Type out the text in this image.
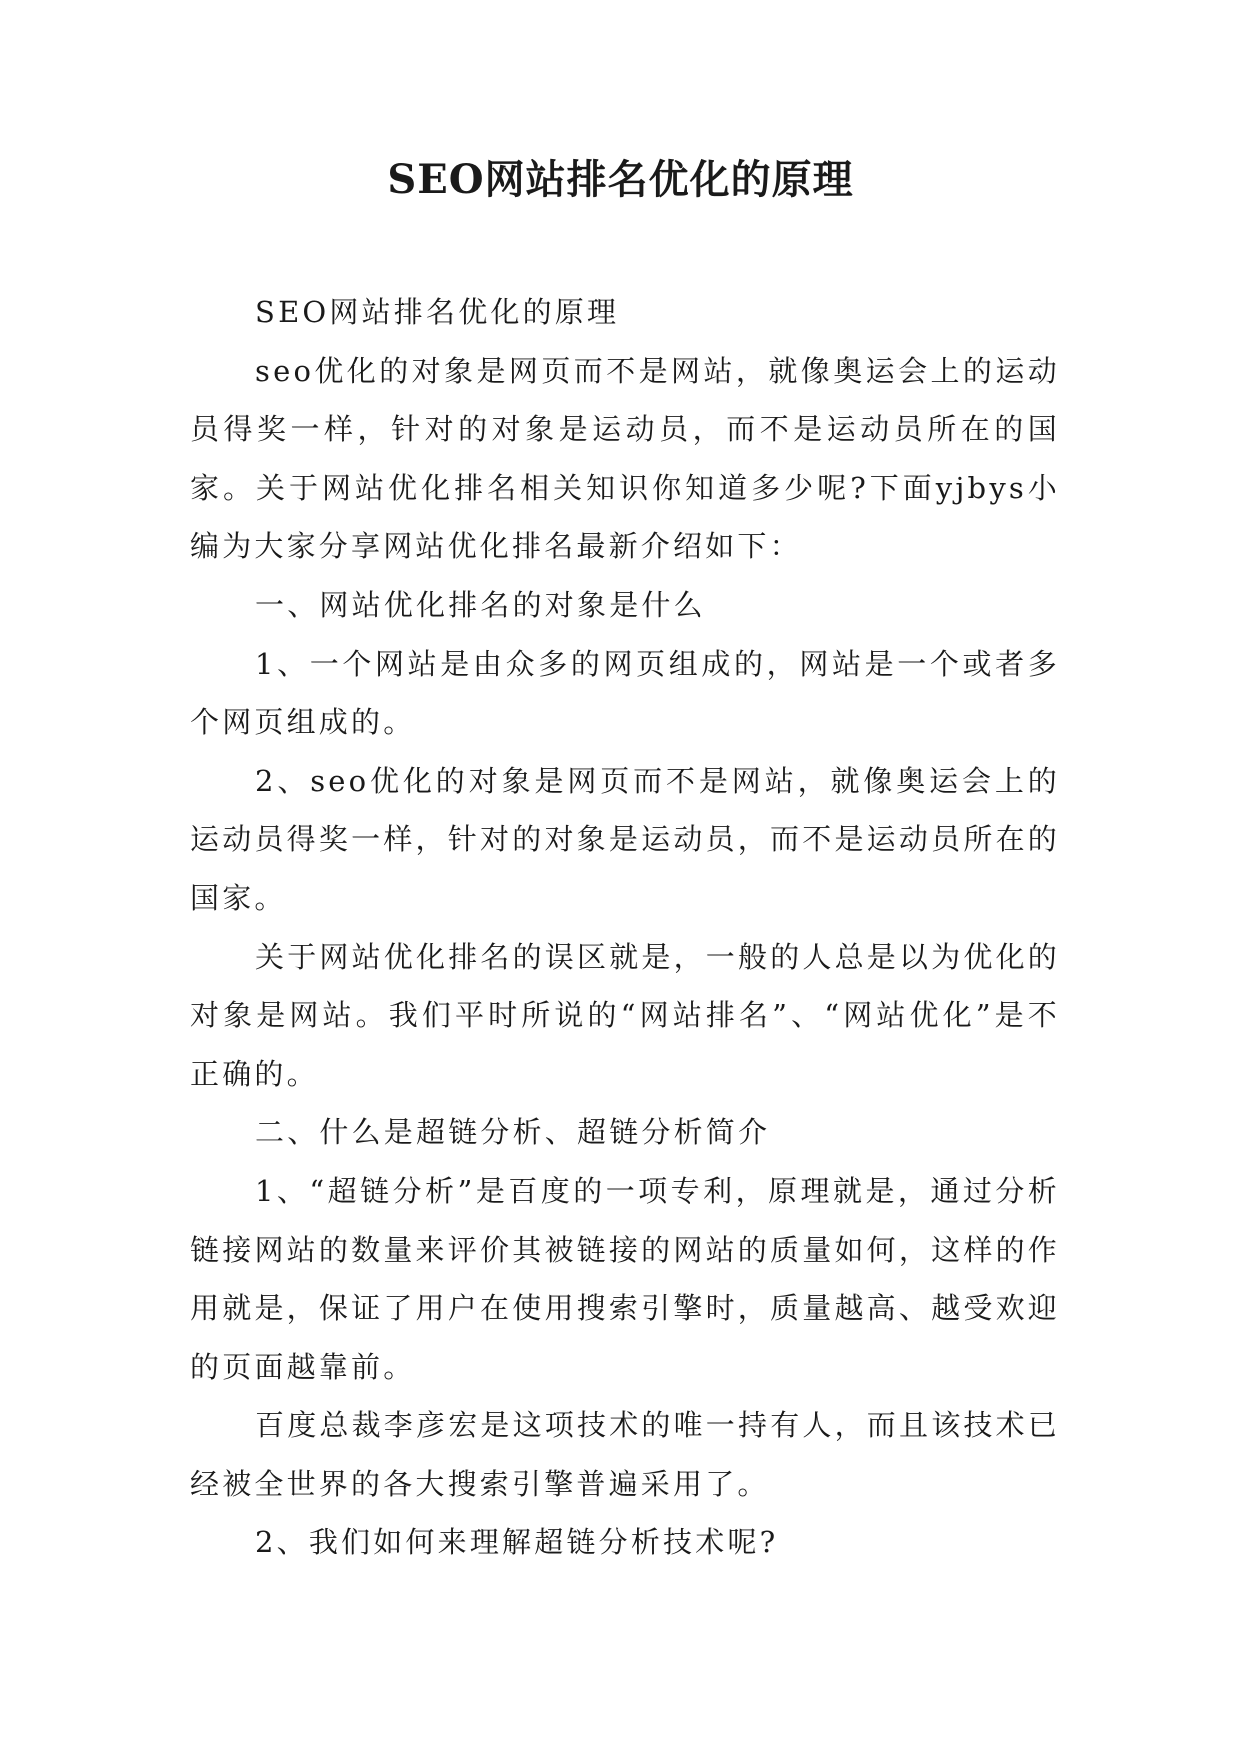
SEO网站排名优化的原理

SEO网站排名优化的原理

seo优化的对象是网页而不是网站，就像奥运会上的运动员得奖一样，针对的对象是运动员，而不是运动员所在的国家。关于网站优化排名相关知识你知道多少呢?下面yjbys小编为大家分享网站优化排名最新介绍如下：

一、网站优化排名的对象是什么

1、一个网站是由众多的网页组成的，网站是一个或者多个网页组成的。

2、seo优化的对象是网页而不是网站，就像奥运会上的运动员得奖一样，针对的对象是运动员，而不是运动员所在的国家。

关于网站优化排名的误区就是，一般的人总是以为优化的对象是网站。我们平时所说的“网站排名”、“网站优化”是不正确的。

二、什么是超链分析、超链分析简介

1、“超链分析”是百度的一项专利，原理就是，通过分析链接网站的数量来评价其被链接的网站的质量如何，这样的作用就是，保证了用户在使用搜索引擎时，质量越高、越受欢迎的页面越靠前。

百度总裁李彦宏是这项技术的唯一持有人，而且该技术已经被全世界的各大搜索引擎普遍采用了。

2、我们如何来理解超链分析技术呢?
